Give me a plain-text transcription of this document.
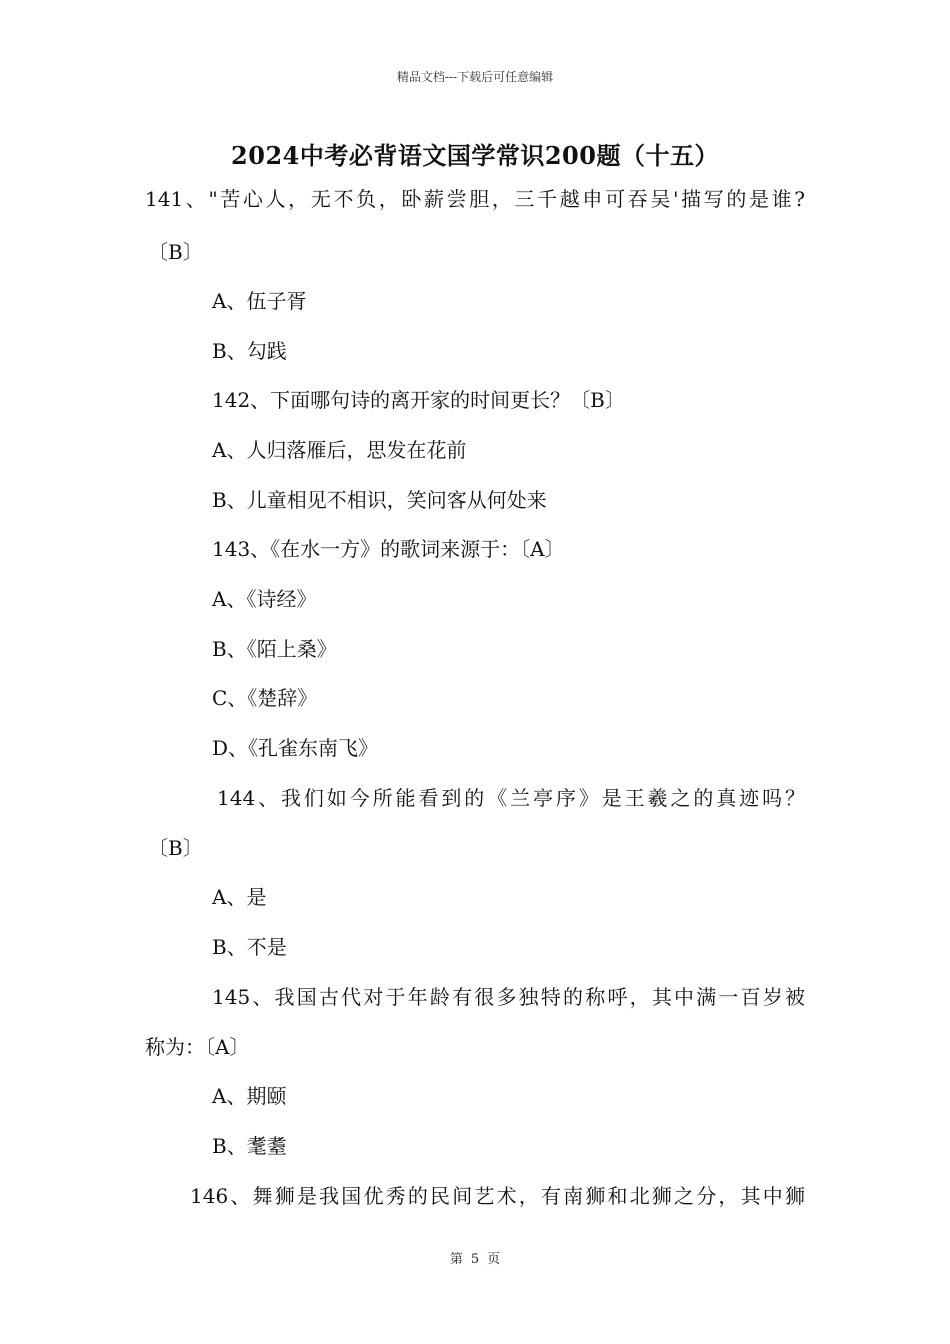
精品文档---下载后可任意编辑
2024中考必背语文国学常识200题（十五）
141、"苦心人，无不负，卧薪尝胆，三千越申可吞吴'描写的是谁?
〔B〕
A、伍子胥
B、勾践
142、下面哪句诗的离开家的时间更长？〔B〕
A、人归落雁后，思发在花前
B、儿童相见不相识，笑问客从何处来
143、《在水一方》的歌词来源于：〔A〕
A、《诗经》
B、《陌上桑》
C、《楚辞》
D、《孔雀东南飞》
144、我们如今所能看到的《兰亭序》是王羲之的真迹吗？
〔B〕
A、是
B、不是
145、我国古代对于年龄有很多独特的称呼，其中满一百岁被
称为：〔A〕
A、期颐
B、耄耋
146、舞狮是我国优秀的民间艺术，有南狮和北狮之分，其中狮
第 5 页
